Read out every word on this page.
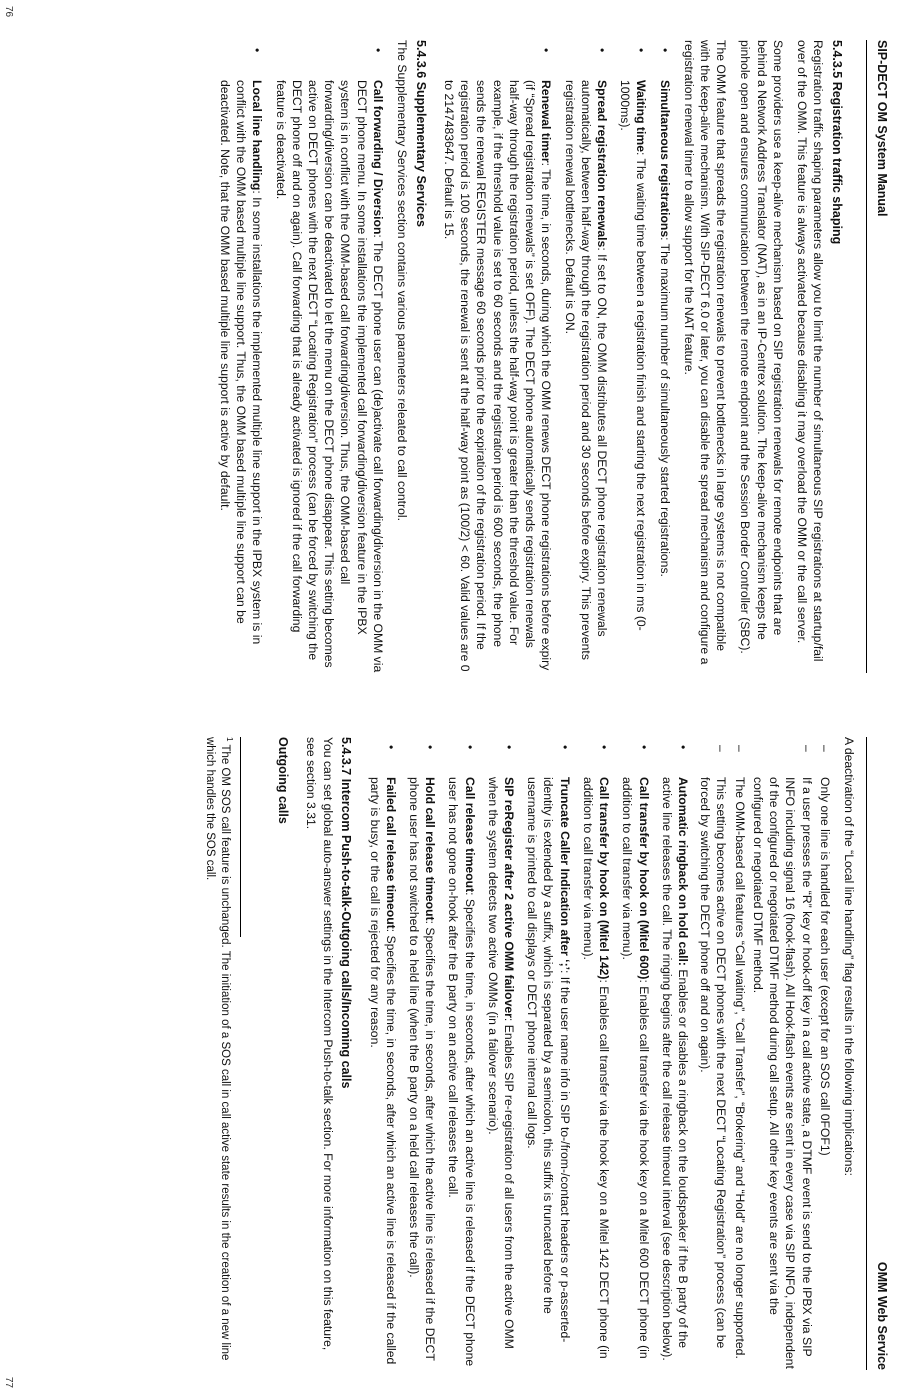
SIP-DECT OM System Manual
5.4.3.5 Registration traffic shaping

Registration traffic shaping parameters allow you to limit the number of simultaneous SIP registrations at startup/fail over of the OMM. This feature is always activated because disabling it may overload the OMM or the call server.

Some providers use a keep-alive mechanism based on SIP registration renewals for remote endpoints that are behind a Network Address Translator (NAT), as in an IP-Centrex solution. The keep-alive mechanism keeps the pinhole open and ensures communication between the remote endpoint and the Session Border Controller (SBC).

The OMM feature that spreads the registration renewals to prevent bottlenecks in large systems is not compatible with the keep-alive mechanism. With SIP-DECT 6.0 or later, you can disable the spread mechanism and configure a registration renewal timer to allow support for the NAT feature.

• Simultaneous registrations: The maximum number of simultaneously started registrations.
• Waiting time: The waiting time between a registration finish and starting the next registration in ms (0-1000ms).
• Spread registration renewals: If set to ON, the OMM distributes all DECT phone registration renewals automatically, between half-way through the registration period and 30 seconds before expiry. This prevents registration renewal bottlenecks. Default is ON.
• Renewal timer: The time, in seconds, during which the OMM renews DECT phone registrations before expiry (if “Spread registration renewals” is set OFF). The DECT phone automatically sends registration renewals half-way through the registration period, unless the half-way point is greater than the threshold value. For example, if the threshold value is set to 60 seconds and the registration period is 600 seconds, the phone sends the renewal REGISTER message 60 seconds prior to the expiration of the registration period. If the registration period is 100 seconds, the renewal is sent at the half-way point as (100/2) < 60. Valid values are 0 to 2147483647. Default is 15.
5.4.3.6 Supplementary Services

The Supplementary Services section contains various parameters releated to call control.

• Call forwarding / Diversion: The DECT phone user can (de)activate call forwarding/diversion in the OMM via DECT phone menu. In some installations the implemented call forwarding/diversion feature in the IPBX system is in conflict with the OMM-based call forwarding/diversion. Thus, the OMM-based call forwarding/diversion can be deactivated to let the menu on the DECT phone disappear. This setting becomes active on DECT phones with the next DECT “Locating Registration” process (can be forced by switching the DECT phone off and on again). Call forwarding that is already activated is ignored if the call forwarding feature is deactivated.
• Local line handling: In some installations the implemented multiple line support in the IPBX system is in conflict with the OMM based multiple line support. Thus, the OMM based multiple line support can be deactivated. Note, that the OMM based multiple line support is active by default.
76
OMM Web Service

A deactivation of the “Local line handling” flag results in the following implications:

– Only one line is handled for each user (except for an SOS call 0FOF1)
– If a user presses the “R” key or hook-off key in a call active state, a DTMF event is send to the IPBX via SIP INFO including signal 16 (hook-flash). All Hook-flash events are sent in every case via SIP INFO, independent of the configured or negotiated DTMF method during call setup. All other key events are sent via the configured or negotiated DTMF method.
– The OMM-based call features “Call waiting”, “Call Transfer”, “Brokering” and “Hold” are no longer supported.
– This setting becomes active on DECT phones with the next DECT “Locating Registration” process (can be forced by switching the DECT phone off and on again).
• Automatic ringback on hold call: Enables or disables a ringback on the loudspeaker if the B party of the active line releases the call. The ringing begins after the call release timeout interval (see description below).
• Call transfer by hook on (Mitel 600): Enables call transfer via the hook key on a Mitel 600 DECT phone (in addition to call transfer via menu).
• Call transfer by hook on (Mitel 142): Enables call transfer via the hook key on a Mitel 142 DECT phone (in addition to call transfer via menu).
• Truncate Caller Indication after ‘;’: If the user name info in SIP to-/from-/contact headers or p-asserted-identity is extended by a suffix, which is separated by a semicolon, this suffix is truncated before the username is printed to call displays or DECT phone internal call logs.
• SIP reRegister after 2 active OMM failover: Enables SIP re-registration of all users from the active OMM when the system detects two active OMMs (in a failover scenario).
• Call release timeout: Specifies the time, in seconds, after which an active line is released if the DECT phone user has not gone on-hook after the B party on an active call releases the call.
• Hold call release timeout: Specifies the time, in seconds, after which the active line is released if the DECT phone user has not switched to a held line (when the B party on a held call releases the call).
• Failed call release timeout: Specifies the time, in seconds, after which an active line is released if the called party is busy, or the call is rejected for any reason.
5.4.3.7 Intercom Push-to-talk-Outgoing calls/Incoming calls

You can set global auto-answer settings in the Intercom Push-to-talk section. For more information on this feature, see section 3.31.

Outgoing calls
$^1$ The OM SOS call feature is unchanged. The initiation of a SOS call in call active state results in the creation of a new line which handles the SOS call.
77
